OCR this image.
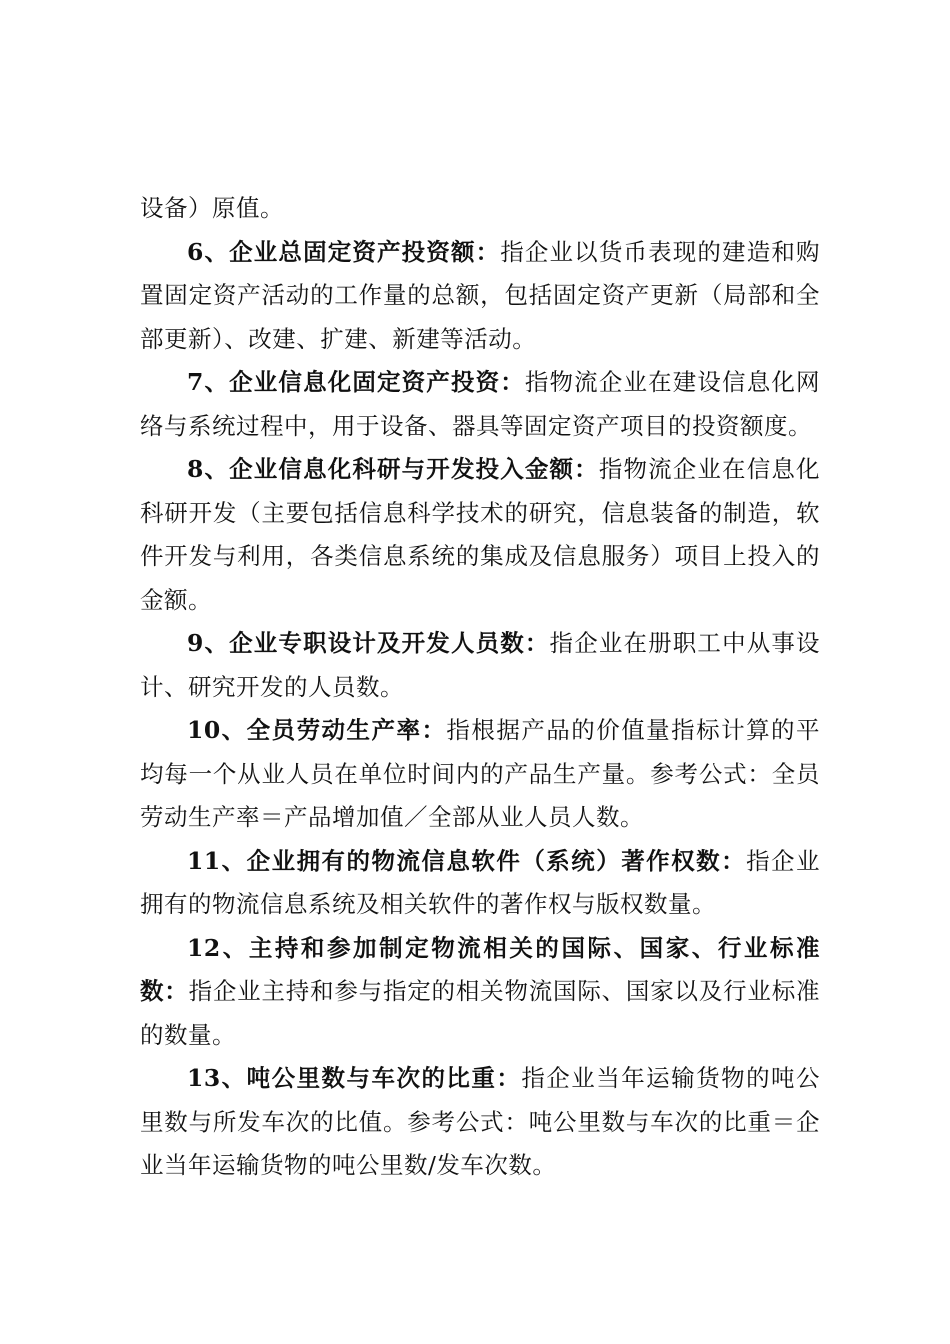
设备）原值。

6、企业总固定资产投资额：指企业以货币表现的建造和购置固定资产活动的工作量的总额，包括固定资产更新（局部和全部更新）、改建、扩建、新建等活动。

7、企业信息化固定资产投资：指物流企业在建设信息化网络与系统过程中，用于设备、器具等固定资产项目的投资额度。

8、企业信息化科研与开发投入金额：指物流企业在信息化科研开发（主要包括信息科学技术的研究，信息装备的制造，软件开发与利用，各类信息系统的集成及信息服务）项目上投入的金额。

9、企业专职设计及开发人员数：指企业在册职工中从事设计、研究开发的人员数。

10、全员劳动生产率：指根据产品的价值量指标计算的平均每一个从业人员在单位时间内的产品生产量。参考公式：全员劳动生产率＝产品增加值／全部从业人员人数。

11、企业拥有的物流信息软件（系统）著作权数：指企业拥有的物流信息系统及相关软件的著作权与版权数量。

12、主持和参加制定物流相关的国际、国家、行业标准数：指企业主持和参与指定的相关物流国际、国家以及行业标准的数量。

13、吨公里数与车次的比重：指企业当年运输货物的吨公里数与所发车次的比值。参考公式：吨公里数与车次的比重＝企业当年运输货物的吨公里数/发车次数。
